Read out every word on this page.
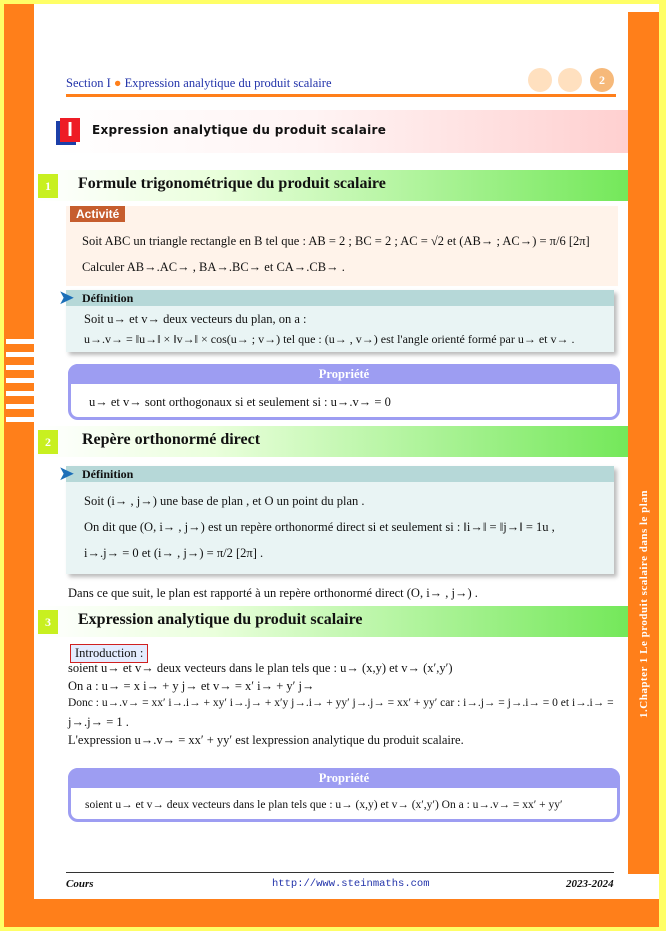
1.Chapter 1 Le produit scalaire dans le plan
Section I ● Expression analytique du produit scalaire	2
I	Expression analytique du produit scalaire
1	Formule trigonométrique du produit scalaire
Activité
Soit ABC un triangle rectangle en B tel que : AB = 2 ; BC = 2 ; AC = √2 et (AB→ ; AC→) = π/6 [2π]
Calculer AB→.AC→ , BA→.BC→ et CA→.CB→ .
➤ Définition
Soit u→ et v→ deux vecteurs du plan, on a :
u→.v→ = ‖u→‖ × ‖v→‖ × cos(u→ ; v→) tel que : (u→ , v→) est l'angle orienté formé par u→ et v→ .
Propriété
u→ et v→ sont orthogonaux si et seulement si : u→.v→ = 0
2	Repère orthonormé direct
➤ Définition
Soit (i→ , j→) une base de plan , et O un point du plan .
On dit que (O, i→ , j→) est un repère orthonormé direct si et seulement si : ‖i→‖ = ‖j→‖ = 1u ,
i→.j→ = 0 et (i→ , j→) = π/2 [2π] .
Dans ce que suit, le plan est rapporté à un repère orthonormé direct (O, i→ , j→) .
3	Expression analytique du produit scalaire
Introduction :
soient u→ et v→ deux vecteurs dans le plan tels que : u→ (x,y) et v→ (x′,y′)
On a : u→ = x i→ + y j→ et v→ = x′ i→ + y′ j→
Donc : u→.v→ = xx′ i→.i→ + xy′ i→.j→ + x′y j→.i→ + yy′ j→.j→ = xx′ + yy′ car : i→.j→ = j→.i→ = 0 et i→.i→ =
j→.j→ = 1 .
L'expression u→.v→ = xx′ + yy′ est lexpression analytique du produit scalaire.
Propriété
soient u→ et v→ deux vecteurs dans le plan tels que : u→ (x,y) et v→ (x′,y′) On a : u→.v→ = xx′ + yy′
Cours	http://www.steinmaths.com	2023-2024
